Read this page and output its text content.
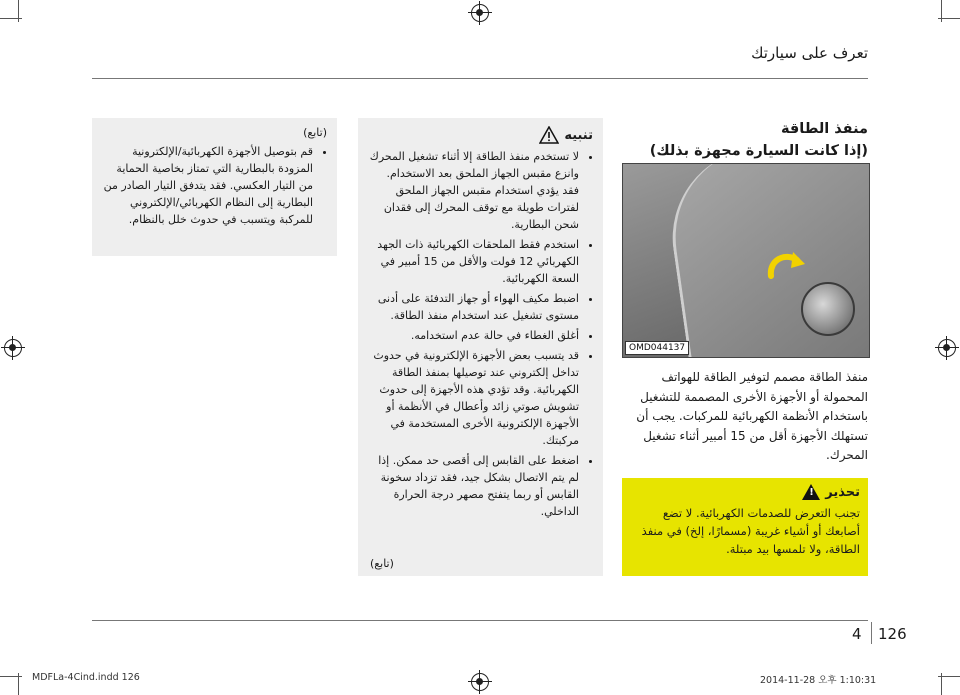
تعرف على سيارتك
منفذ الطاقة
(إذا كانت السيارة مجهزة بذلك)
OMD044137
منفذ الطاقة مصمم لتوفير الطاقة للهواتف المحمولة أو الأجهزة الأخرى المصممة للتشغيل باستخدام الأنظمة الكهربائية للمركبات. يجب أن تستهلك الأجهزة أقل من 15 أمبير أثناء تشغيل المحرك.
تحذير
!
تجنب التعرض للصدمات الكهربائية. لا تضع أصابعك أو أشياء غريبة (مسمارًا، إلخ) في منفذ الطاقة، ولا تلمسها بيد مبتلة.
تنبيه
• لا تستخدم منفذ الطاقة إلا أثناء تشغيل المحرك وانزع مقبس الجهاز الملحق بعد الاستخدام. فقد يؤدي استخدام مقبس الجهاز الملحق لفترات طويلة مع توقف المحرك إلى فقدان شحن البطارية.
• استخدم فقط الملحقات الكهربائية ذات الجهد الكهربائي 12 فولت والأقل من 15 أمبير في السعة الكهربائية.
• اضبط مكيف الهواء أو جهاز التدفئة على أدنى مستوى تشغيل عند استخدام منفذ الطاقة.
• أغلق الغطاء في حالة عدم استخدامه.
• قد يتسبب بعض الأجهزة الإلكترونية في حدوث تداخل إلكتروني عند توصيلها بمنفذ الطاقة الكهربائية. وقد تؤدي هذه الأجهزة إلى حدوث تشويش صوتي زائد وأعطال في الأنظمة أو الأجهزة الإلكترونية الأخرى المستخدمة في مركبتك.
• اضغط على القابس إلى أقصى حد ممكن. إذا لم يتم الاتصال بشكل جيد، فقد تزداد سخونة القابس أو ربما يتفتح مصهر درجة الحرارة الداخلي.
(تابع)
(تابع)
• قم بتوصيل الأجهزة الكهربائية/الإلكترونية المزودة بالبطارية التي تمتاز بخاصية الحماية من التيار العكسي. فقد يتدفق التيار الصادر من البطارية إلى النظام الكهربائي/الإلكتروني للمركبة ويتسبب في حدوث خلل بالنظام.
4 126
MDFLa-4Cind.indd 126	2014-11-28 오후 1:10:31
